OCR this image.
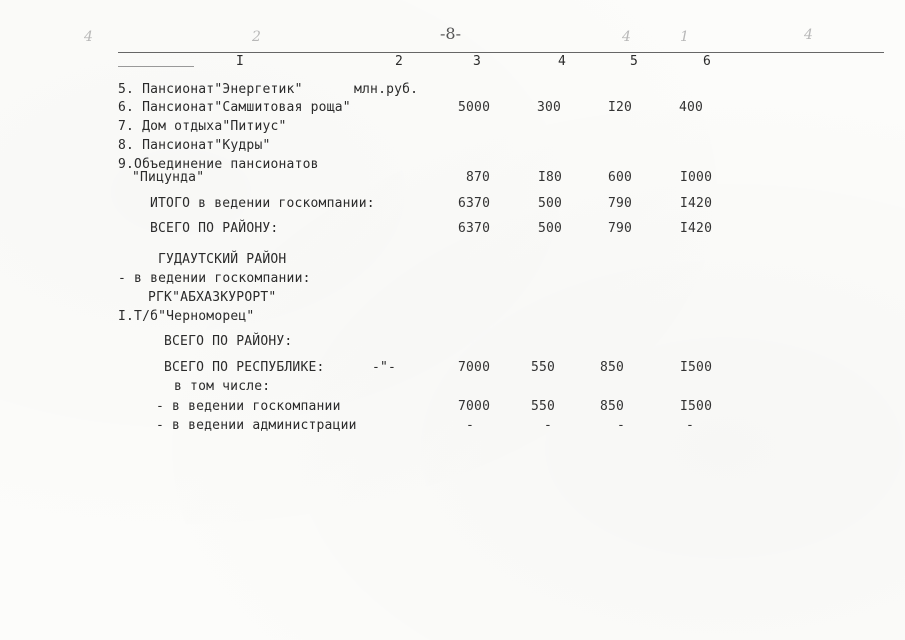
4	2	4	1	4
-8-
I	2	3	4	5	6
5. Пансионат"Энергетик"	млн.руб.
6. Пансионат"Самшитовая роща"	5000	300	I20	400
7. Дом отдыха"Питиус"
8. Пансионат"Кудры"
9.Объединение пансионатов
"Пицунда"	870	I80	600	I000
ИТОГО в ведении госкомпании:	6370	500	790	I420
ВСЕГО ПО РАЙОНУ:	6370	500	790	I420
ГУДАУТСКИЙ РАЙОН
- в ведении госкомпании:
РГК"АБХАЗКУРОРТ"
I.Т/б"Черноморец"
ВСЕГО ПО РАЙОНУ:
ВСЕГО ПО РЕСПУБЛИКЕ:	-"-	7000	550	850	I500
в том числе:
- в ведении госкомпании	7000	550	850	I500
- в ведении администрации	-	-	-	-
